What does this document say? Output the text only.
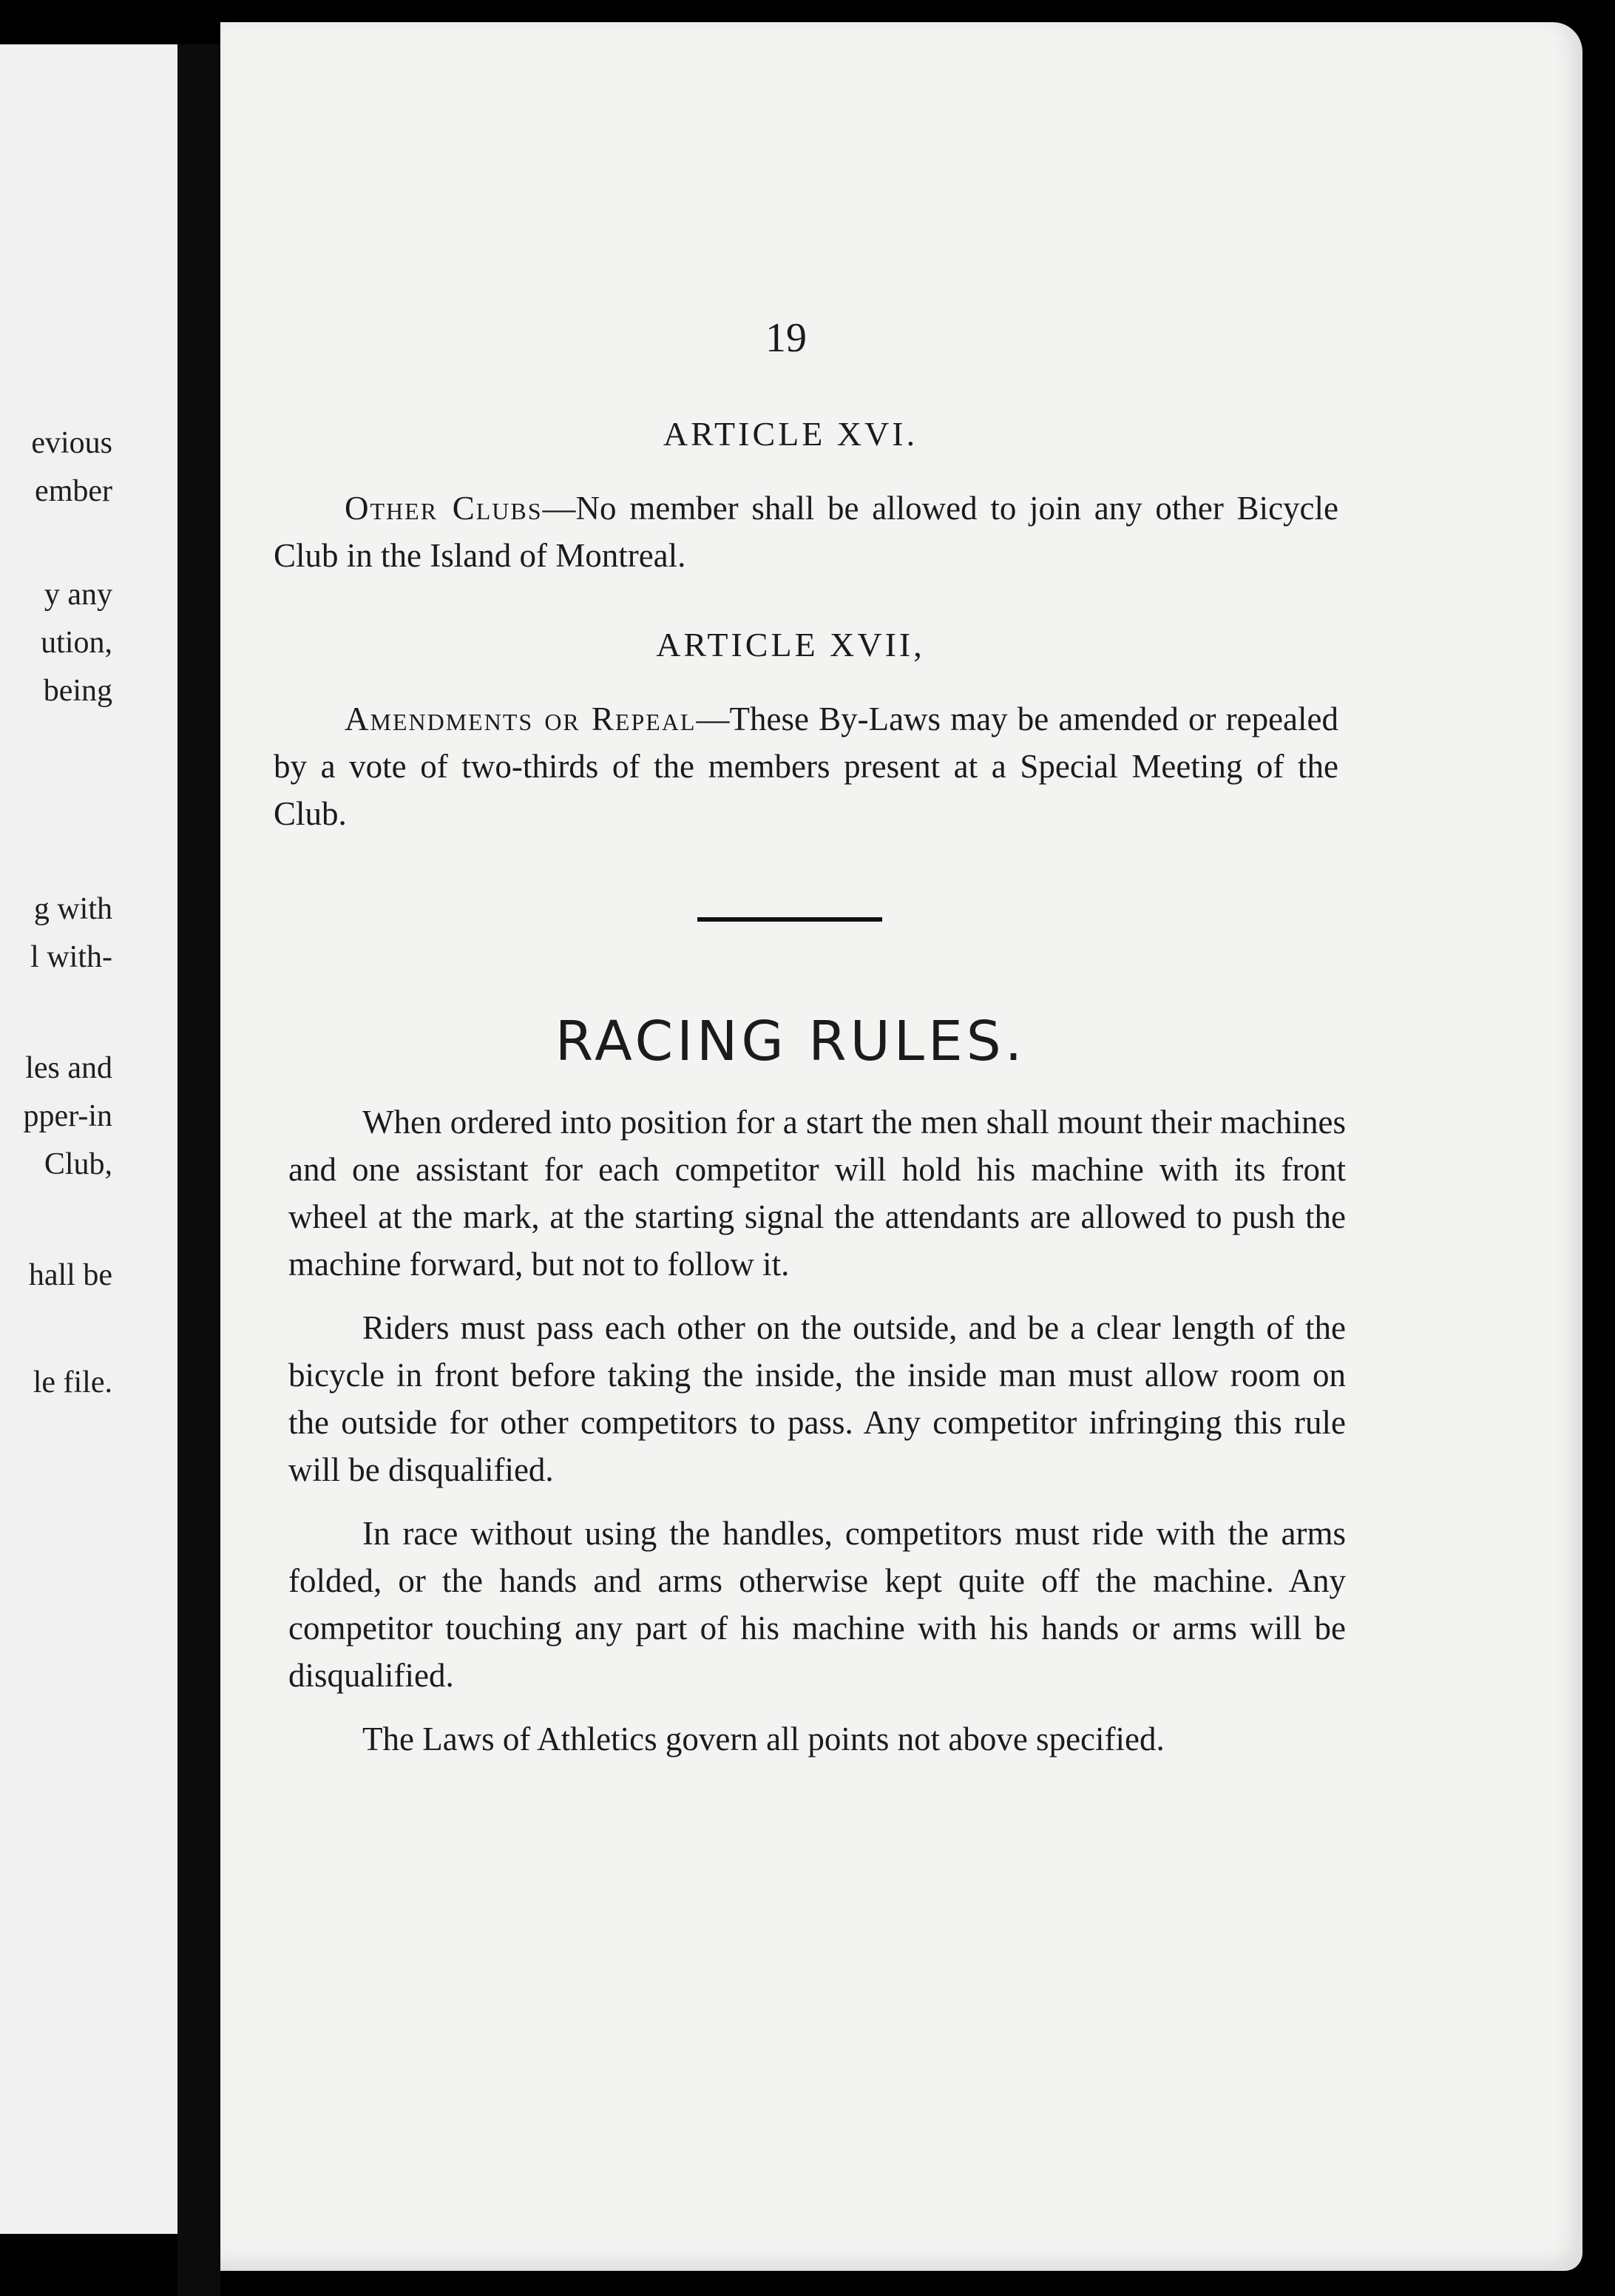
evious
ember
y any
ution,
being
g with
l with-
les and
pper-in
Club,
hall be
le file.
19
ARTICLE XVI.

Other Clubs—No member shall be allowed to join any other Bicycle Club in the Island of Montreal.

ARTICLE XVII,

Amendments or Repeal—These By-Laws may be amended or repealed by a vote of two-thirds of the members present at a Special Meeting of the Club.

RACING RULES.

When ordered into position for a start the men shall mount their machines and one assistant for each competitor will hold his machine with its front wheel at the mark, at the starting signal the attendants are allowed to push the machine forward, but not to follow it.

Riders must pass each other on the outside, and be a clear length of the bicycle in front before taking the inside, the inside man must allow room on the outside for other competitors to pass. Any competitor infringing this rule will be disqualified.

In race without using the handles, competitors must ride with the arms folded, or the hands and arms otherwise kept quite off the machine. Any competitor touching any part of his machine with his hands or arms will be disqualified.

The Laws of Athletics govern all points not above specified.
